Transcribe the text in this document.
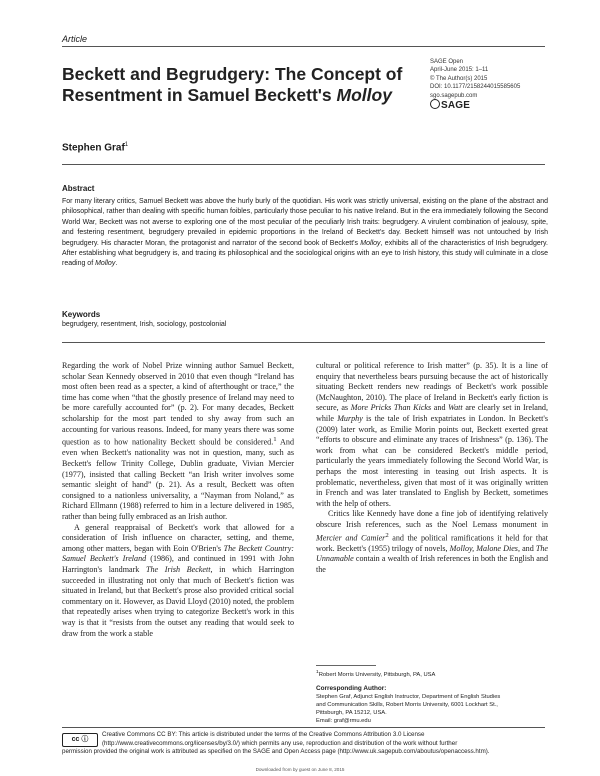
Article
Beckett and Begrudgery: The Concept of
Resentment in Samuel Beckett's Molloy
SAGE Open
April-June 2015: 1–11
© The Author(s) 2015
DOI: 10.1177/2158244015585605
sgo.sagepub.com
SAGE
Stephen Graf$^1$
Abstract
For many literary critics, Samuel Beckett was above the hurly burly of the quotidian. His work was strictly universal, existing on the plane of the abstract and philosophical, rather than dealing with specific human foibles, particularly those peculiar to his native Ireland. But in the era immediately following the Second World War, Beckett was not averse to exploring one of the most peculiar of the peculiarly Irish traits: begrudgery. A virulent combination of jealousy, spite, and festering resentment, begrudgery prevailed in epidemic proportions in the Ireland of Beckett's day. Beckett himself was not untouched by Irish begrudgery. His character Moran, the protagonist and narrator of the second book of Beckett's Molloy, exhibits all of the characteristics of Irish begrudgery. After establishing what begrudgery is, and tracing its philosophical and the sociological origins with an eye to Irish history, this study will culminate in a close reading of Molloy.
Keywords
begrudgery, resentment, Irish, sociology, postcolonial

Regarding the work of Nobel Prize winning author Samuel Beckett, scholar Sean Kennedy observed in 2010 that even though “Ireland has most often been read as a specter, a kind of afterthought or trace,” the time has come when “that the ghostly presence of Ireland may need to be more carefully accounted for” (p. 2). For many decades, Beckett scholarship for the most part tended to shy away from such an accounting for various reasons. Indeed, for many years there was some question as to how nationality Beckett should be considered.$^1$ And even when Beckett's nationality was not in question, many, such as Beckett's fellow Trinity College, Dublin graduate, Vivian Mercier (1977), insisted that calling Beckett “an Irish writer involves some semantic sleight of hand” (p. 21). As a result, Beckett was often consigned to a nationless universality, a “Nayman from Noland,” as Richard Ellmann (1988) referred to him in a lecture delivered in 1985, rather than being fully embraced as an Irish author.

A general reappraisal of Beckett's work that allowed for a consideration of Irish influence on character, setting, and theme, among other matters, began with Eoin O'Brien's The Beckett Country: Samuel Beckett's Ireland (1986), and continued in 1991 with John Harrington's landmark The Irish Beckett, in which Harrington succeeded in illustrating not only that much of Beckett's fiction was situated in Ireland, but that Beckett's prose also provided critical social commentary on it. However, as David Lloyd (2010) noted, the problem that repeatedly arises when trying to categorize Beckett's work in this way is that it “resists from the outset any reading that would seek to draw from the work a stable

cultural or political reference to Irish matter” (p. 35). It is a line of enquiry that nevertheless bears pursuing because the act of historically situating Beckett renders new readings of Beckett's work possible (McNaughton, 2010). The place of Ireland in Beckett's early fiction is secure, as More Pricks Than Kicks and Watt are clearly set in Ireland, while Murphy is the tale of Irish expatriates in London. In Beckett's (2009) later work, as Emilie Morin points out, Beckett exerted great “efforts to obscure and eliminate any traces of Irishness” (p. 136). The work from what can be considered Beckett's middle period, particularly the years immediately following the Second World War, is perhaps the most interesting in teasing out Irish aspects. It is problematic, nevertheless, given that most of it was originally written in French and was later translated to English by Beckett, sometimes with the help of others.

Critics like Kennedy have done a fine job of identifying relatively obscure Irish references, such as the Noel Lemass monument in Mercier and Camier$^2$ and the political ramifications it held for that work. Beckett's (1955) trilogy of novels, Molloy, Malone Dies, and The Unnamable contain a wealth of Irish references in both the English and the

$^1$Robert Morris University, Pittsburgh, PA, USA
Corresponding Author:
Stephen Graf, Adjunct English Instructor, Department of English Studies
and Communication Skills, Robert Morris University, 6001 Lockhart St.,
Pittsburgh, PA 15212, USA.
Email: graf@rmu.edu
cc ⓘ
Creative Commons CC BY: This article is distributed under the terms of the Creative Commons Attribution 3.0 License
(http://www.creativecommons.org/licenses/by/3.0/) which permits any use, reproduction and distribution of the work without further
permission provided the original work is attributed as specified on the SAGE and Open Access page (http://www.uk.sagepub.com/aboutus/openaccess.htm).
Downloaded from by guest on June 8, 2015
